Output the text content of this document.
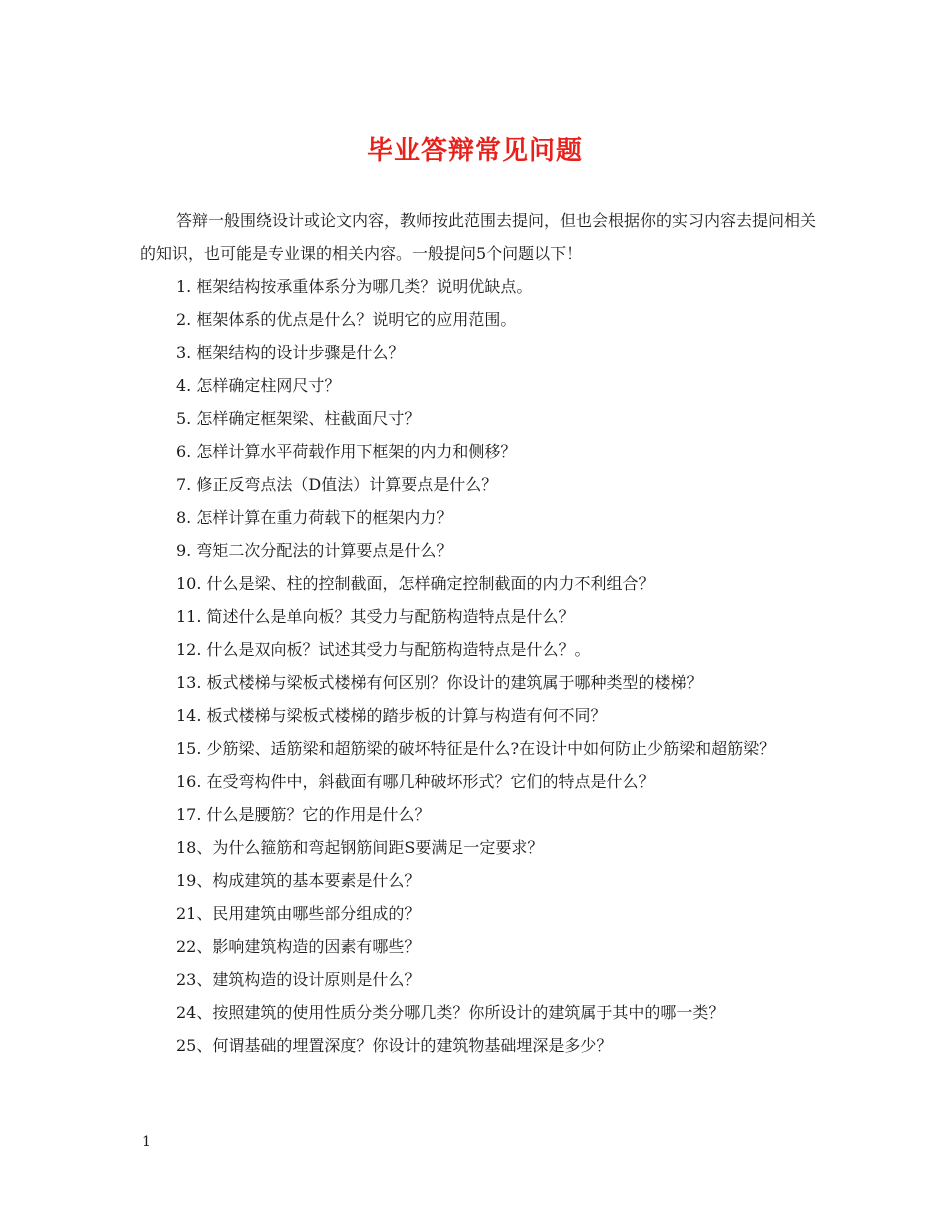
毕业答辩常见问题

答辩一般围绕设计或论文内容，教师按此范围去提问，但也会根据你的实习内容去提问相关的知识，也可能是专业课的相关内容。一般提问5个问题以下！

1. 框架结构按承重体系分为哪几类？说明优缺点。
2. 框架体系的优点是什么？说明它的应用范围。
3. 框架结构的设计步骤是什么？
4. 怎样确定柱网尺寸？
5. 怎样确定框架梁、柱截面尺寸？
6. 怎样计算水平荷载作用下框架的内力和侧移？
7. 修正反弯点法（D值法）计算要点是什么？
8. 怎样计算在重力荷载下的框架内力？
9. 弯矩二次分配法的计算要点是什么？
10. 什么是梁、柱的控制截面，怎样确定控制截面的内力不利组合？
11. 简述什么是单向板？其受力与配筋构造特点是什么？
12. 什么是双向板？试述其受力与配筋构造特点是什么？。
13. 板式楼梯与梁板式楼梯有何区别？你设计的建筑属于哪种类型的楼梯？
14. 板式楼梯与梁板式楼梯的踏步板的计算与构造有何不同？
15. 少筋梁、适筋梁和超筋梁的破坏特征是什么?在设计中如何防止少筋梁和超筋梁？
16. 在受弯构件中，斜截面有哪几种破坏形式？它们的特点是什么？
17. 什么是腰筋？它的作用是什么？
18、为什么箍筋和弯起钢筋间距S要满足一定要求？
19、构成建筑的基本要素是什么？
21、民用建筑由哪些部分组成的？
22、影响建筑构造的因素有哪些？
23、建筑构造的设计原则是什么？
24、按照建筑的使用性质分类分哪几类？你所设计的建筑属于其中的哪一类？
25、何谓基础的埋置深度？你设计的建筑物基础埋深是多少？

1
